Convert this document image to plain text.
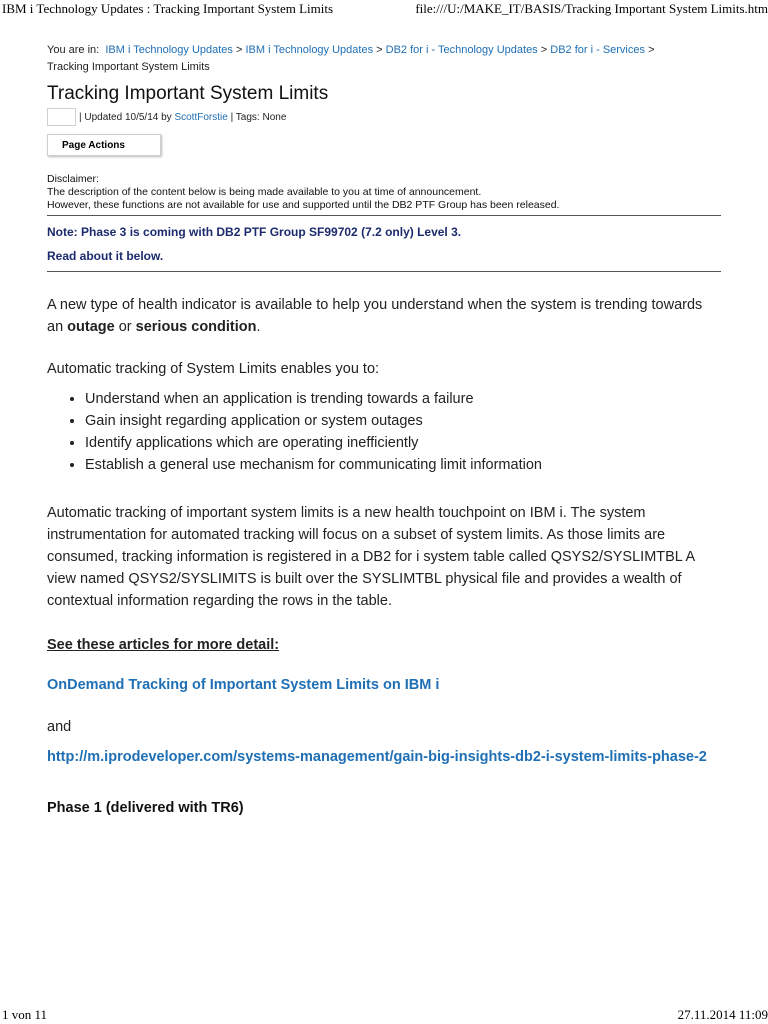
IBM i Technology Updates : Tracking Important System Limits	file:///U:/MAKE_IT/BASIS/Tracking Important System Limits.htm
You are in: IBM i Technology Updates > IBM i Technology Updates > DB2 for i - Technology Updates > DB2 for i - Services >
Tracking Important System Limits
Tracking Important System Limits
| Updated 10/5/14 by
ScottForstie
| Tags: None
Page Actions
Disclaimer:
The description of the content below is being made available to you at time of announcement.
However, these functions are not available for use and supported until the DB2 PTF Group has been released.
Note: Phase 3 is coming with DB2 PTF Group SF99702 (7.2 only) Level 3.
Read about it below.
A new type of health indicator is available to help you understand when the system is trending towards an outage or serious condition.
Automatic tracking of System Limits enables you to:
• Understand when an application is trending towards a failure
• Gain insight regarding application or system outages
• Identify applications which are operating inefficiently
• Establish a general use mechanism for communicating limit information
Automatic tracking of important system limits is a new health touchpoint on IBM i. The system instrumentation for automated tracking will focus on a subset of system limits. As those limits are consumed, tracking information is registered in a DB2 for i system table called QSYS2/SYSLIMTBL A view named QSYS2/SYSLIMITS is built over the SYSLIMTBL physical file and provides a wealth of contextual information regarding the rows in the table.
See these articles for more detail:
OnDemand Tracking of Important System Limits on IBM i
and
http://m.iprodeveloper.com/systems-management/gain-big-insights-db2-i-system-limits-phase-2
Phase 1 (delivered with TR6)
1 von 11	27.11.2014 11:09
